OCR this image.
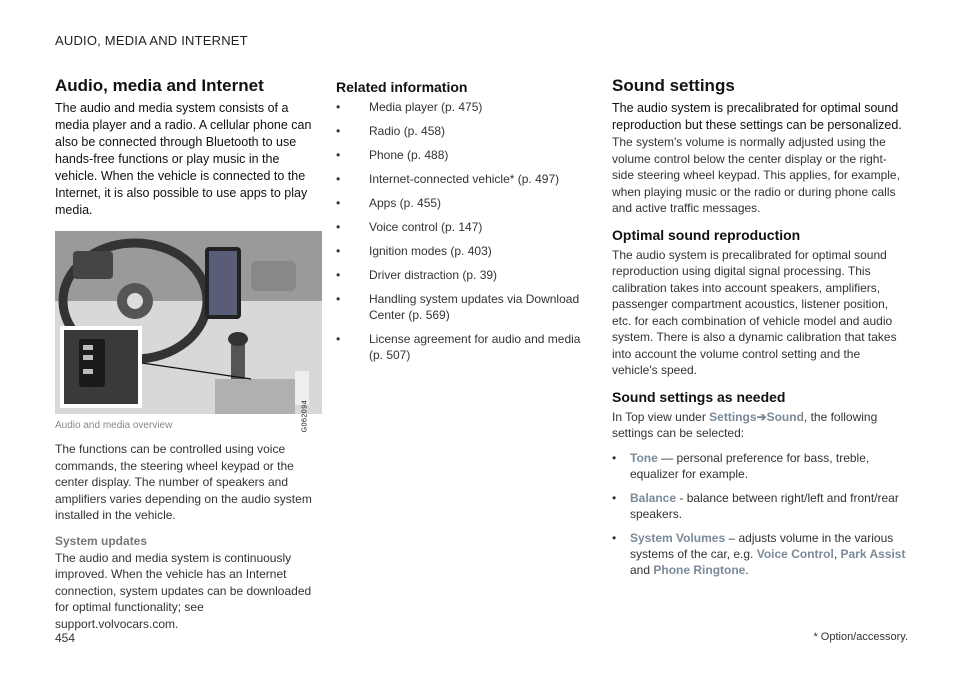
AUDIO, MEDIA AND INTERNET
Audio, media and Internet

The audio and media system consists of a media player and a radio. A cellular phone can also be connected through Bluetooth to use hands-free functions or play music in the vehicle. When the vehicle is connected to the Internet, it is also possible to use apps to play media.

G062094
Audio and media overview

The functions can be controlled using voice commands, the steering wheel keypad or the center display. The number of speakers and amplifiers varies depending on the audio system installed in the vehicle.

System updates

The audio and media system is continuously improved. When the vehicle has an Internet connection, system updates can be downloaded for optimal functionality; see support.volvocars.com.

Related information
• Media player (p. 475)
• Radio (p. 458)
• Phone (p. 488)
• Internet-connected vehicle* (p. 497)
• Apps (p. 455)
• Voice control (p. 147)
• Ignition modes (p. 403)
• Driver distraction (p. 39)
• Handling system updates via Download Center (p. 569)
• License agreement for audio and media (p. 507)
Sound settings

The audio system is precalibrated for optimal sound reproduction but these settings can be personalized.

The system's volume is normally adjusted using the volume control below the center display or the right-side steering wheel keypad. This applies, for example, when playing music or the radio or during phone calls and active traffic messages.

Optimal sound reproduction

The audio system is precalibrated for optimal sound reproduction using digital signal processing. This calibration takes into account speakers, amplifiers, passenger compartment acoustics, listener position, etc. for each combination of vehicle model and audio system. There is also a dynamic calibration that takes into account the volume control setting and the vehicle's speed.

Sound settings as needed

In Top view under Settings➔Sound, the following settings can be selected:

• Tone — personal preference for bass, treble, equalizer for example.
• Balance - balance between right/left and front/rear speakers.
• System Volumes – adjusts volume in the various systems of the car, e.g. Voice Control, Park Assist and Phone Ringtone.
454	* Option/accessory.
